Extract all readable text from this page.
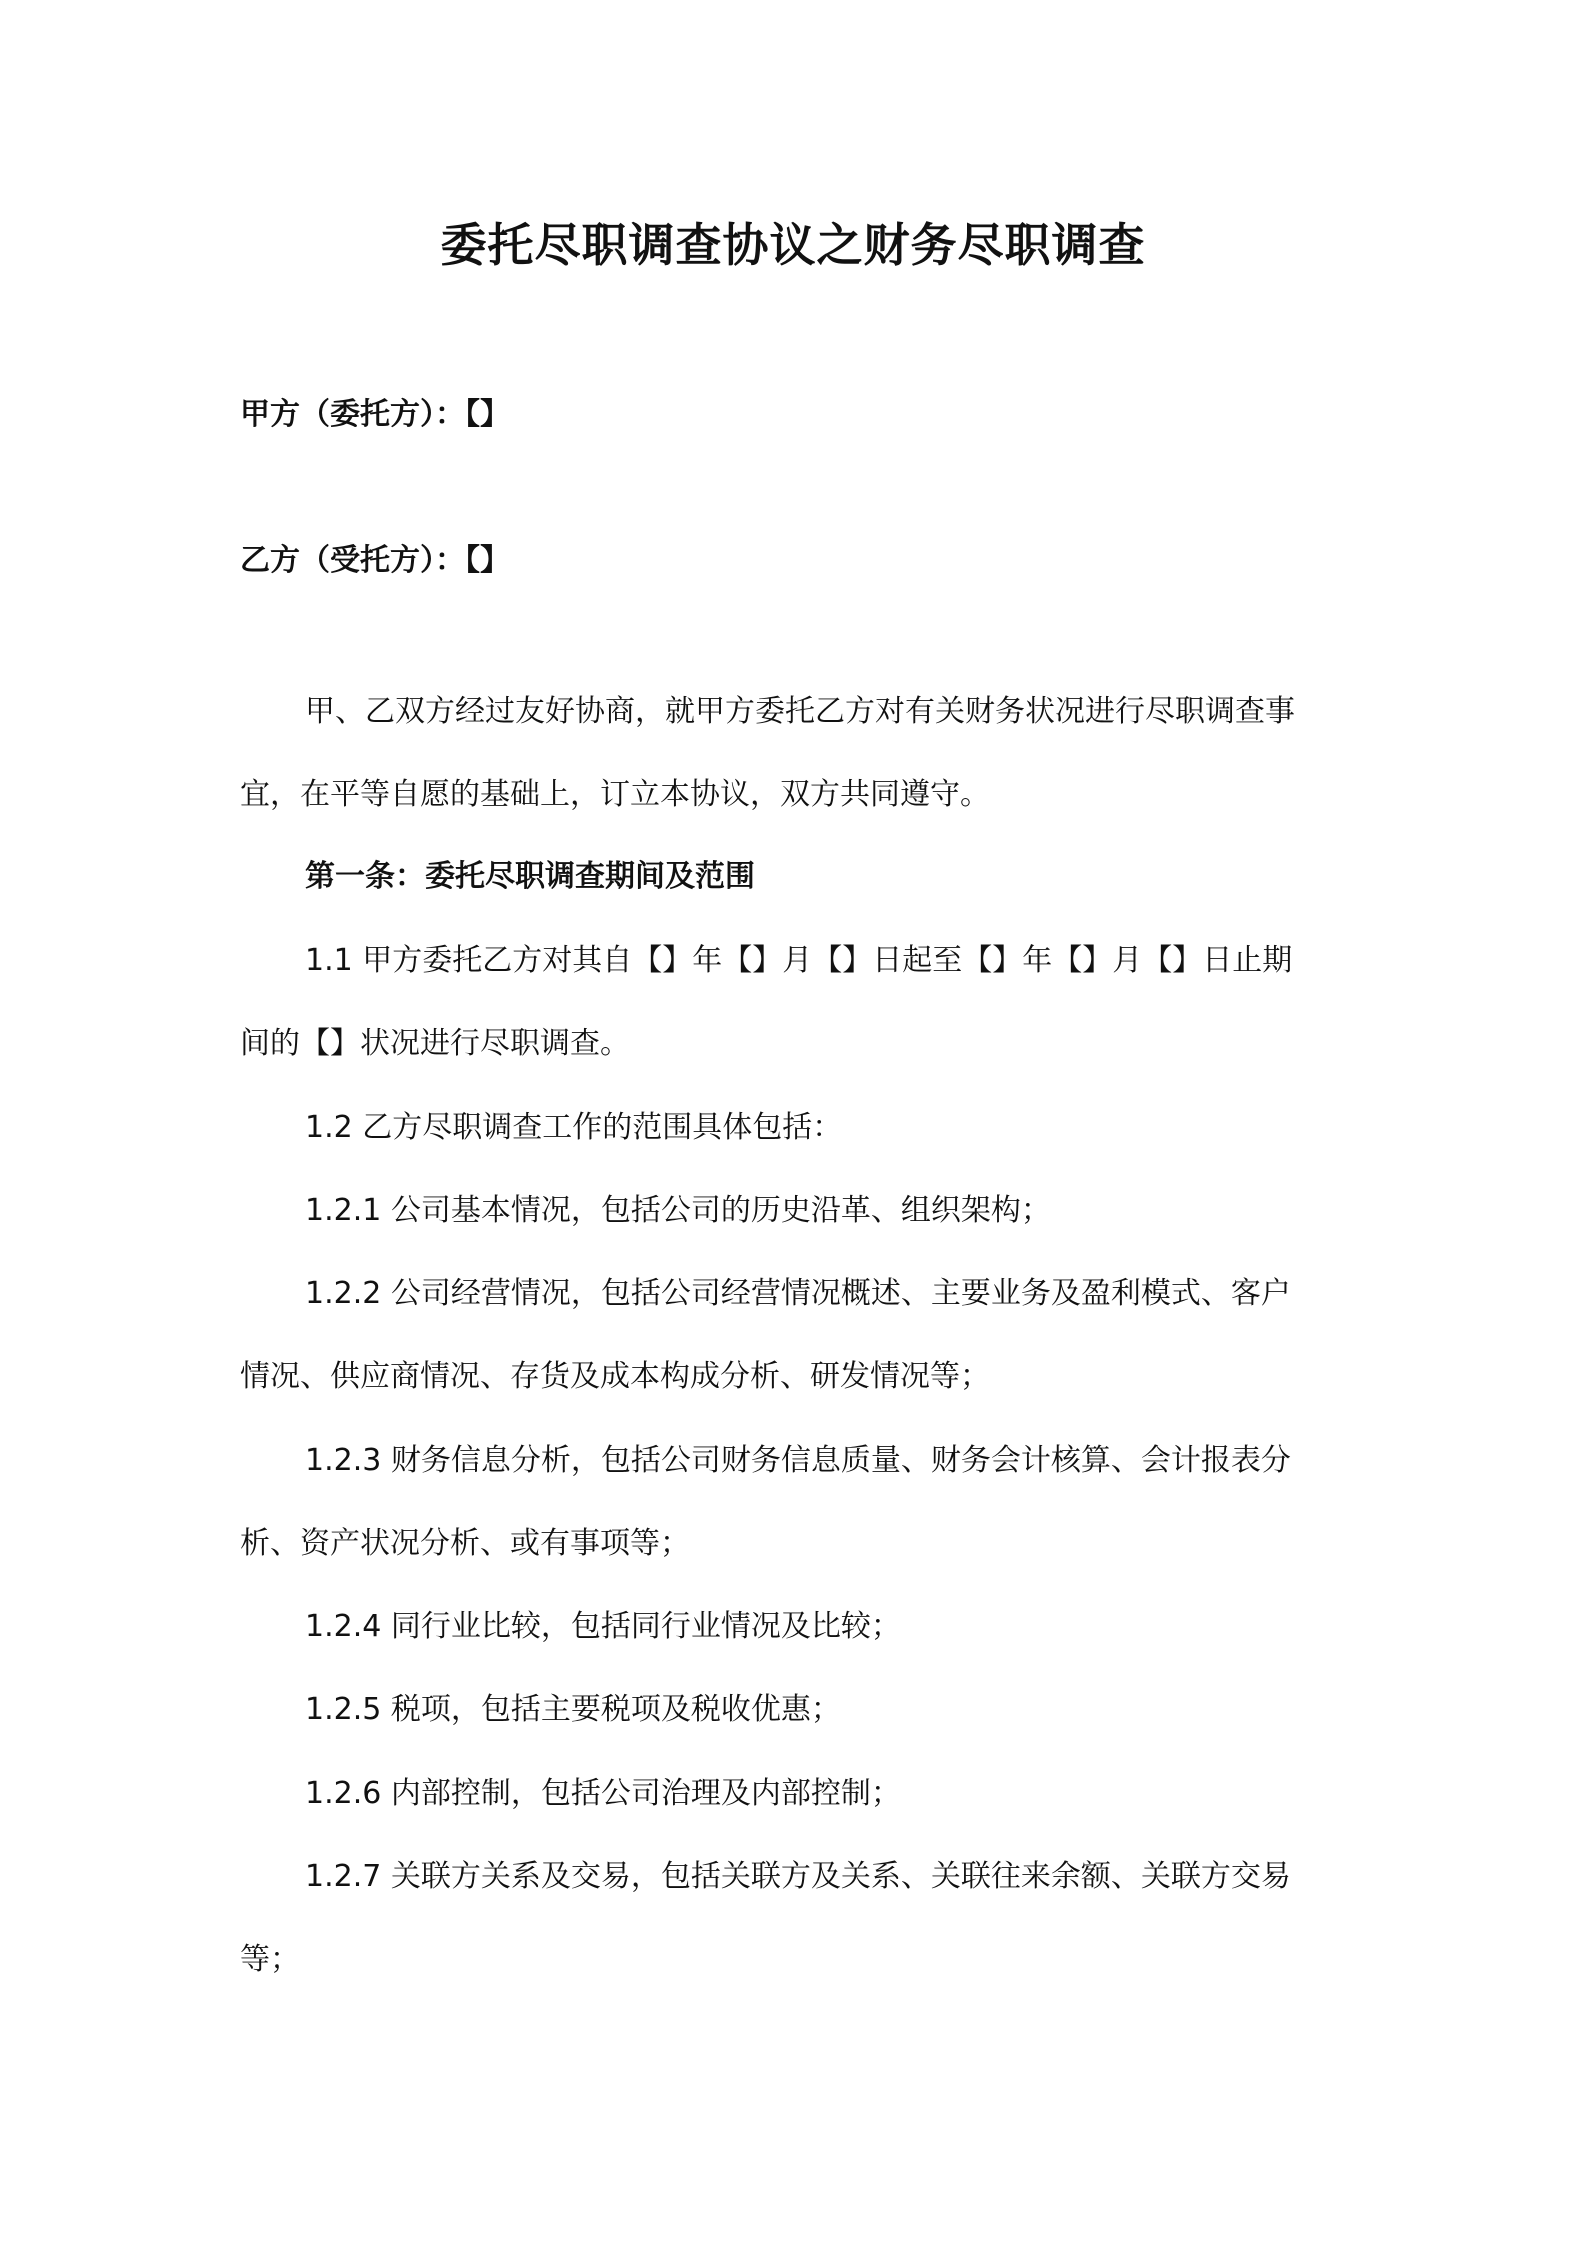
委托尽职调查协议之财务尽职调查
甲方（委托方）：【】
乙方（受托方）：【】
甲、乙双方经过友好协商，就甲方委托乙方对有关财务状况进行尽职调查事
宜，在平等自愿的基础上，订立本协议，双方共同遵守。
第一条：委托尽职调查期间及范围
1.1 甲方委托乙方对其自【】年【】月【】日起至【】年【】月【】日止期
间的【】状况进行尽职调查。
1.2 乙方尽职调查工作的范围具体包括：
1.2.1 公司基本情况，包括公司的历史沿革、组织架构；
1.2.2 公司经营情况，包括公司经营情况概述、主要业务及盈利模式、客户
情况、供应商情况、存货及成本构成分析、研发情况等；
1.2.3 财务信息分析，包括公司财务信息质量、财务会计核算、会计报表分
析、资产状况分析、或有事项等；
1.2.4 同行业比较，包括同行业情况及比较；
1.2.5 税项，包括主要税项及税收优惠；
1.2.6 内部控制，包括公司治理及内部控制；
1.2.7 关联方关系及交易，包括关联方及关系、关联往来余额、关联方交易
等；
